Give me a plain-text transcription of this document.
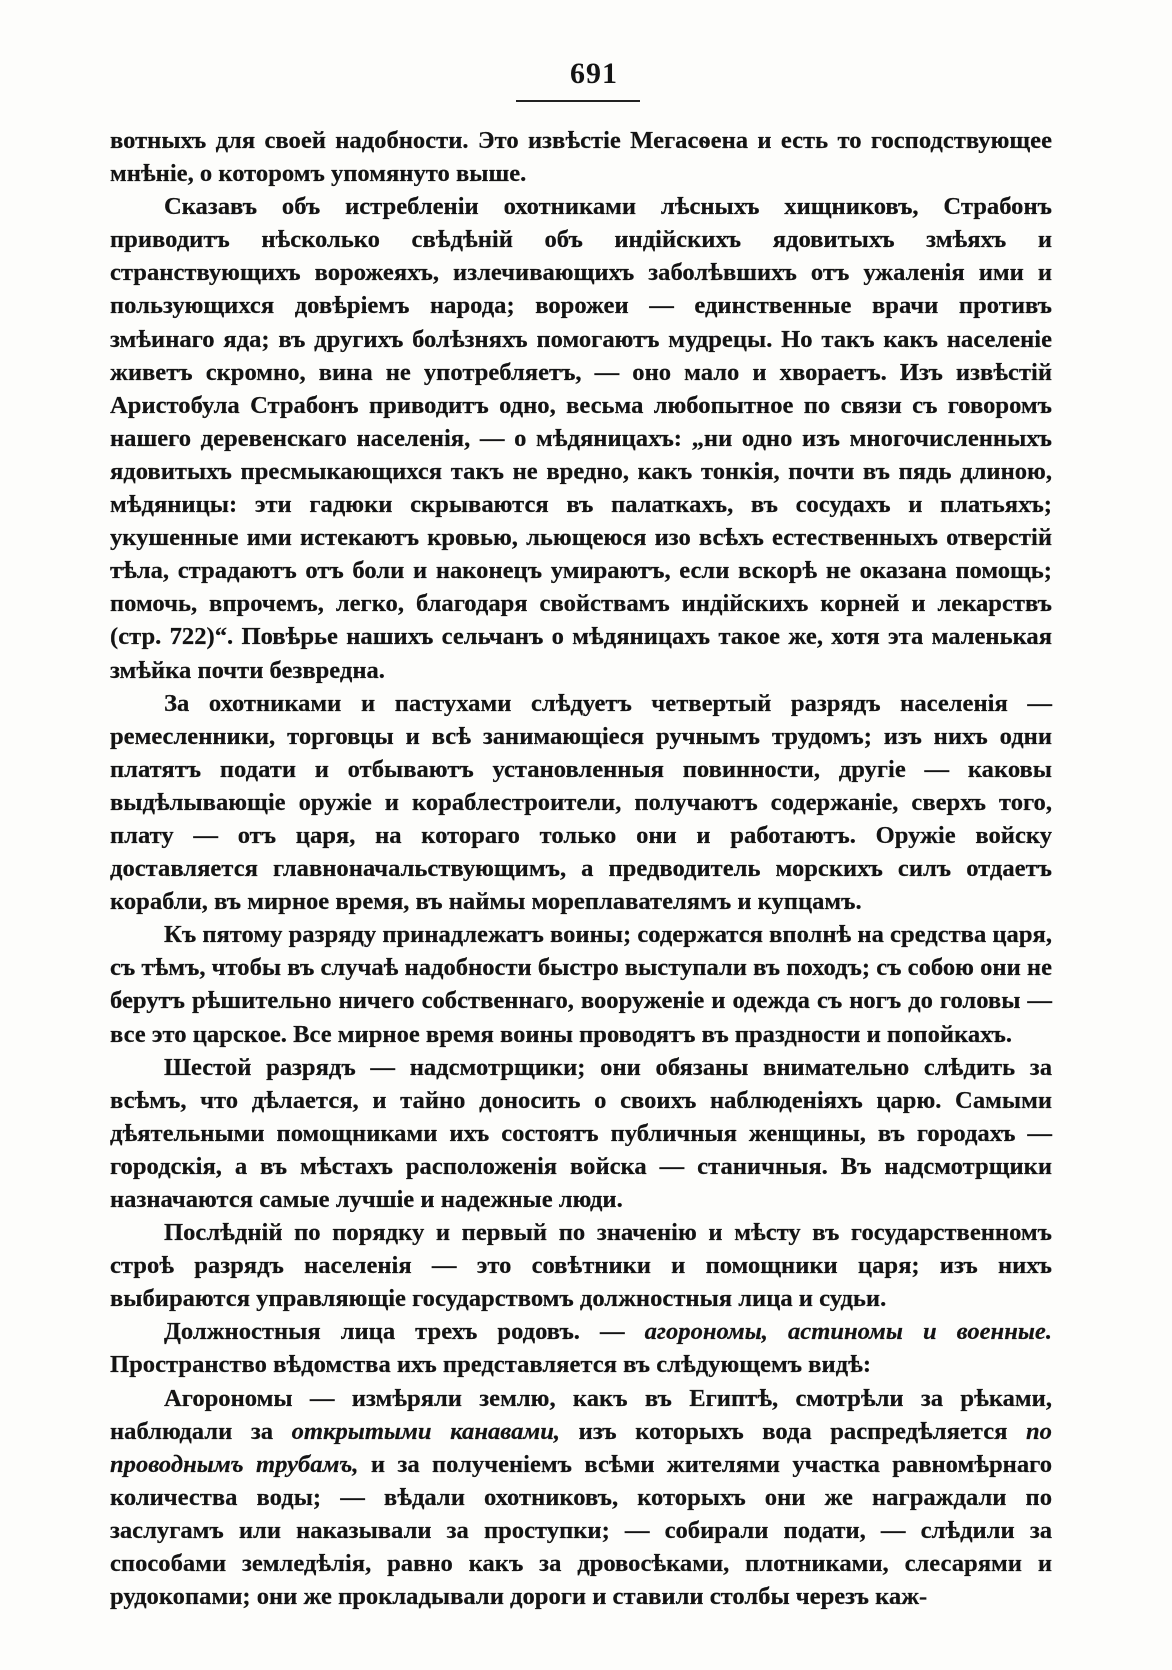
691

вотныхъ для своей надобности. Это извѣстіе Мегасѳена и есть то господствующее мнѣніе, о которомъ упомянуто выше.

Сказавъ объ истребленіи охотниками лѣсныхъ хищниковъ, Страбонъ приводитъ нѣсколько свѣдѣній объ индійскихъ ядовитыхъ змѣяхъ и странствующихъ ворожеяхъ, излечивающихъ заболѣвшихъ отъ ужаленія ими и пользующихся довѣріемъ народа; ворожеи — единственные врачи противъ змѣинаго яда; въ другихъ болѣзняхъ помогаютъ мудрецы. Но такъ какъ населеніе живетъ скромно, вина не употребляетъ, — оно мало и хвораетъ. Изъ извѣстій Аристобула Страбонъ приводитъ одно, весьма любопытное по связи съ говоромъ нашего деревенскаго населенія, — о мѣдяницахъ: „ни одно изъ многочисленныхъ ядовитыхъ пресмыкающихся такъ не вредно, какъ тонкія, почти въ пядь длиною, мѣдяницы: эти гадюки скрываются въ палаткахъ, въ сосудахъ и платьяхъ; укушенные ими истекаютъ кровью, льющеюся изо всѣхъ естественныхъ отверстій тѣла, страдаютъ отъ боли и наконецъ умираютъ, если вскорѣ не оказана помощь; помочь, впрочемъ, легко, благодаря свойствамъ индійскихъ корней и лекарствъ (стр. 722)“. Повѣрье нашихъ сельчанъ о мѣдяницахъ такое же, хотя эта маленькая змѣйка почти безвредна.

За охотниками и пастухами слѣдуетъ четвертый разрядъ населенія — ремесленники, торговцы и всѣ занимающіеся ручнымъ трудомъ; изъ нихъ одни платятъ подати и отбываютъ установленныя повинности, другіе — каковы выдѣлывающіе оружіе и кораблестроители, получаютъ содержаніе, сверхъ того, плату — отъ царя, на котораго только они и работаютъ. Оружіе войску доставляется главноначальствующимъ, а предводитель морскихъ силъ отдаетъ корабли, въ мирное время, въ наймы мореплавателямъ и купцамъ.

Къ пятому разряду принадлежатъ воины; содержатся вполнѣ на средства царя, съ тѣмъ, чтобы въ случаѣ надобности быстро выступали въ походъ; съ собою они не берутъ рѣшительно ничего собственнаго, вооруженіе и одежда съ ногъ до головы — все это царское. Все мирное время воины проводятъ въ праздности и попойкахъ.

Шестой разрядъ — надсмотрщики; они обязаны внимательно слѣдить за всѣмъ, что дѣлается, и тайно доносить о своихъ наблюденіяхъ царю. Самыми дѣятельными помощниками ихъ состоятъ публичныя женщины, въ городахъ — городскія, а въ мѣстахъ расположенія войска — станичныя. Въ надсмотрщики назначаются самые лучшіе и надежные люди.

Послѣдній по порядку и первый по значенію и мѣсту въ государственномъ строѣ разрядъ населенія — это совѣтники и помощники царя; изъ нихъ выбираются управляющіе государствомъ должностныя лица и судьи.

Должностныя лица трехъ родовъ. — агорономы, астиномы и военные. Пространство вѣдомства ихъ представляется въ слѣдующемъ видѣ:

Агорономы — измѣряли землю, какъ въ Египтѣ, смотрѣли за рѣками, наблюдали за открытыми канавами, изъ которыхъ вода распредѣляется по проводнымъ трубамъ, и за полученіемъ всѣми жителями участка равномѣрнаго количества воды; — вѣдали охотниковъ, которыхъ они же награждали по заслугамъ или наказывали за проступки; — собирали подати, — слѣдили за способами земледѣлія, равно какъ за дровосѣками, плотниками, слесарями и рудокопами; они же прокладывали дороги и ставили столбы черезъ каж-
